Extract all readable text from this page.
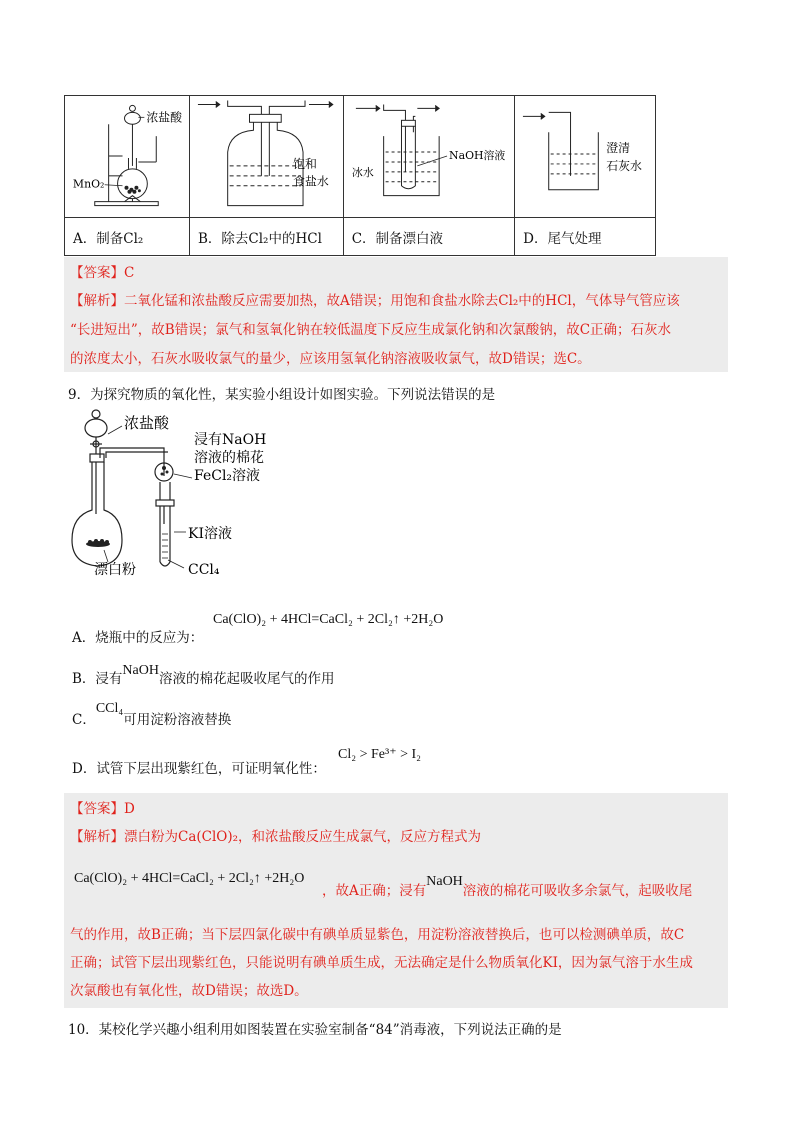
浓盐酸
MnO₂	饱和
食盐水	冰水
NaOH溶液	澄清
石灰水

A．制备Cl₂	B．除去Cl₂中的HCl	C．制备漂白液	D．尾气处理
【答案】C
【解析】二氧化锰和浓盐酸反应需要加热，故A错误；用饱和食盐水除去Cl₂中的HCl，气体导气管应该
“长进短出”，故B错误；氯气和氢氧化钠在较低温度下反应生成氯化钠和次氯酸钠，故C正确；石灰水
的浓度太小，石灰水吸收氯气的量少，应该用氢氧化钠溶液吸收氯气，故D错误；选C。
9．为探究物质的氧化性，某实验小组设计如图实验。下列说法错误的是
浓盐酸
浸有NaOH
溶液的棉花
FeCl₂溶液
KI溶液
漂白粉	CCl₄
A．烧瓶中的反应为：
Ca(ClO)₂ + 4HCl=CaCl₂ + 2Cl₂↑ +2H₂O
B．浸有NaOH溶液的棉花起吸收尾气的作用
C．CCl₄可用淀粉溶液替换
D．试管下层出现紫红色，可证明氧化性：
Cl₂ > Fe³⁺ > I₂
【答案】D
【解析】漂白粉为Ca(ClO)₂，和浓盐酸反应生成氯气，反应方程式为
Ca(ClO)₂ + 4HCl=CaCl₂ + 2Cl₂↑ +2H₂O
，故A正确；浸有NaOH溶液的棉花可吸收多余氯气，起吸收尾
气的作用，故B正确；当下层四氯化碳中有碘单质显紫色，用淀粉溶液替换后，也可以检测碘单质，故C
正确；试管下层出现紫红色，只能说明有碘单质生成，无法确定是什么物质氧化KI，因为氯气溶于水生成
次氯酸也有氧化性，故D错误；故选D。
10．某校化学兴趣小组利用如图装置在实验室制备“84”消毒液，下列说法正确的是
